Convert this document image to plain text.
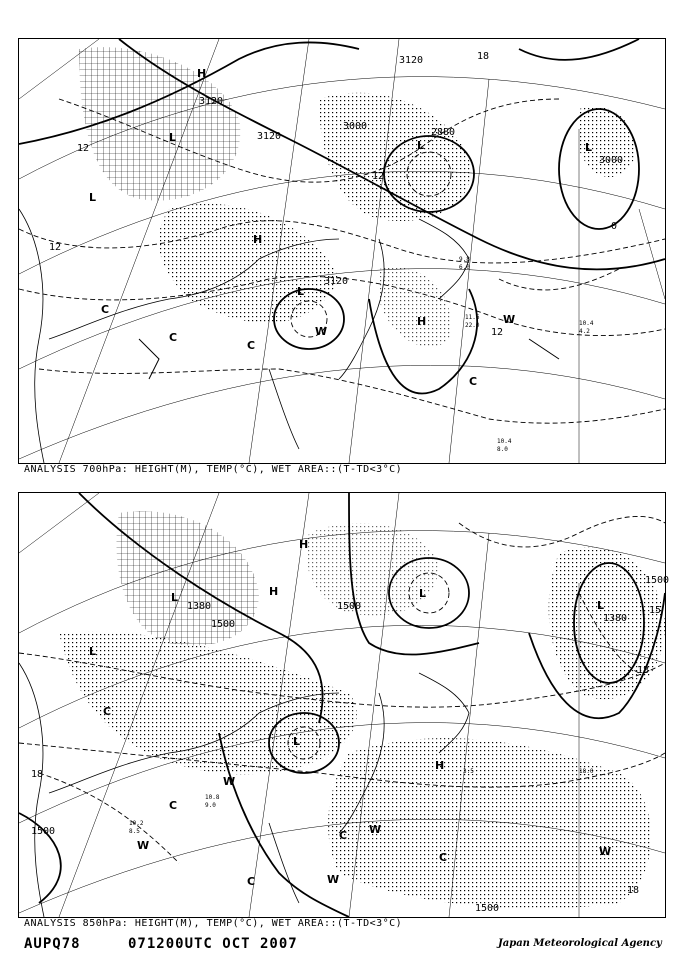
3120
3120
3120
3000
2880
3000
3120
12
12
12
12
18
0
H
L
L
L	L
L
H	W
C
C
C
W
C
H
10.4
8.0
10.4
4.2
11.6
22.0
9.8
6.0
ANALYSIS 700hPa: HEIGHT(M), TEMP(°C), WET AREA::(T-TD<3°C)
1380
1500
1500
1380
1500
1500
1500
18
18
18
15
H
L
L
L
L
L
H
W
W
W
C
C
C W
W
C
C
H
10.8
9.0
10.2
8.5
18.0
3.5
ANALYSIS 850hPa: HEIGHT(M), TEMP(°C), WET AREA::(T-TD<3°C)
AUPQ78	071200UTC OCT 2007	Japan Meteorological Agency
